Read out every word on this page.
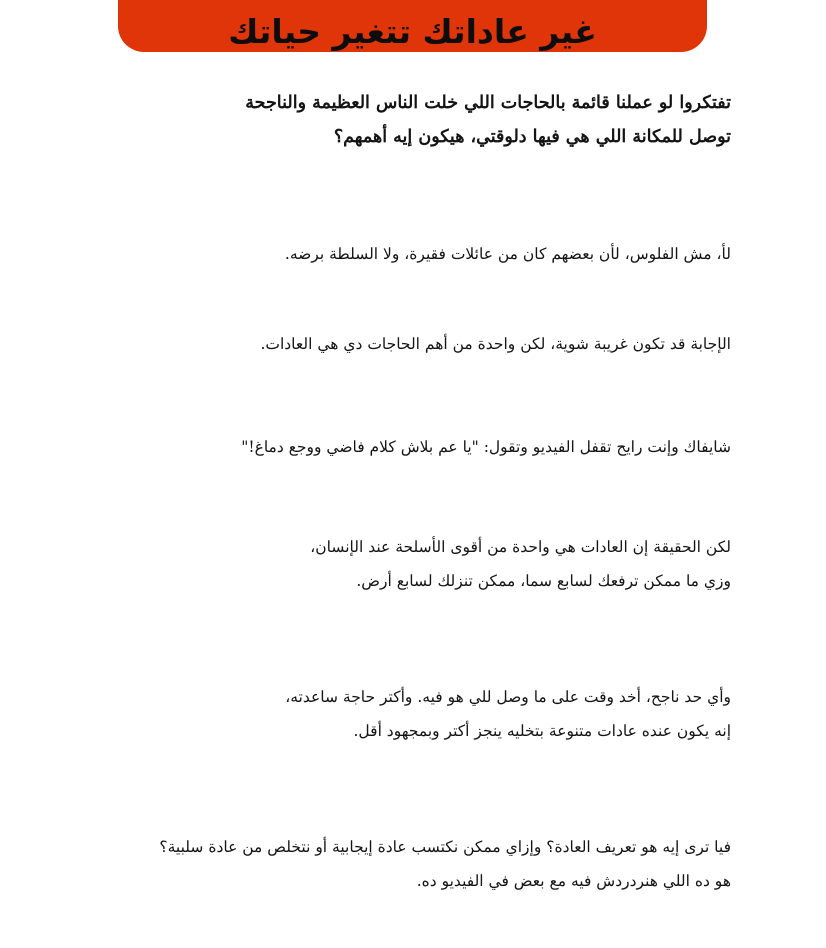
غير عاداتك تتغير حياتك
تفتكروا لو عملنا قائمة بالحاجات اللي خلت الناس العظيمة والناجحة
توصل للمكانة اللي هي فيها دلوقتي، هيكون إيه أهمهم؟
لأ، مش الفلوس، لأن بعضهم كان من عائلات فقيرة، ولا السلطة برضه.
الإجابة قد تكون غريبة شوية، لكن واحدة من أهم الحاجات دي هي العادات.
شايفاك وإنت رايح تقفل الفيديو وتقول: "يا عم بلاش كلام فاضي ووجع دماغ!"
لكن الحقيقة إن العادات هي واحدة من أقوى الأسلحة عند الإنسان،
وزي ما ممكن ترفعك لسابع سما، ممكن تنزلك لسابع أرض.
وأي حد ناجح، أخد وقت على ما وصل للي هو فيه. وأكتر حاجة ساعدته،
إنه يكون عنده عادات متنوعة بتخليه ينجز أكتر وبمجهود أقل.
فيا ترى إيه هو تعريف العادة؟ وإزاي ممكن نكتسب عادة إيجابية أو نتخلص من عادة سلبية؟
هو ده اللي هنردردش فيه مع بعض في الفيديو ده.
